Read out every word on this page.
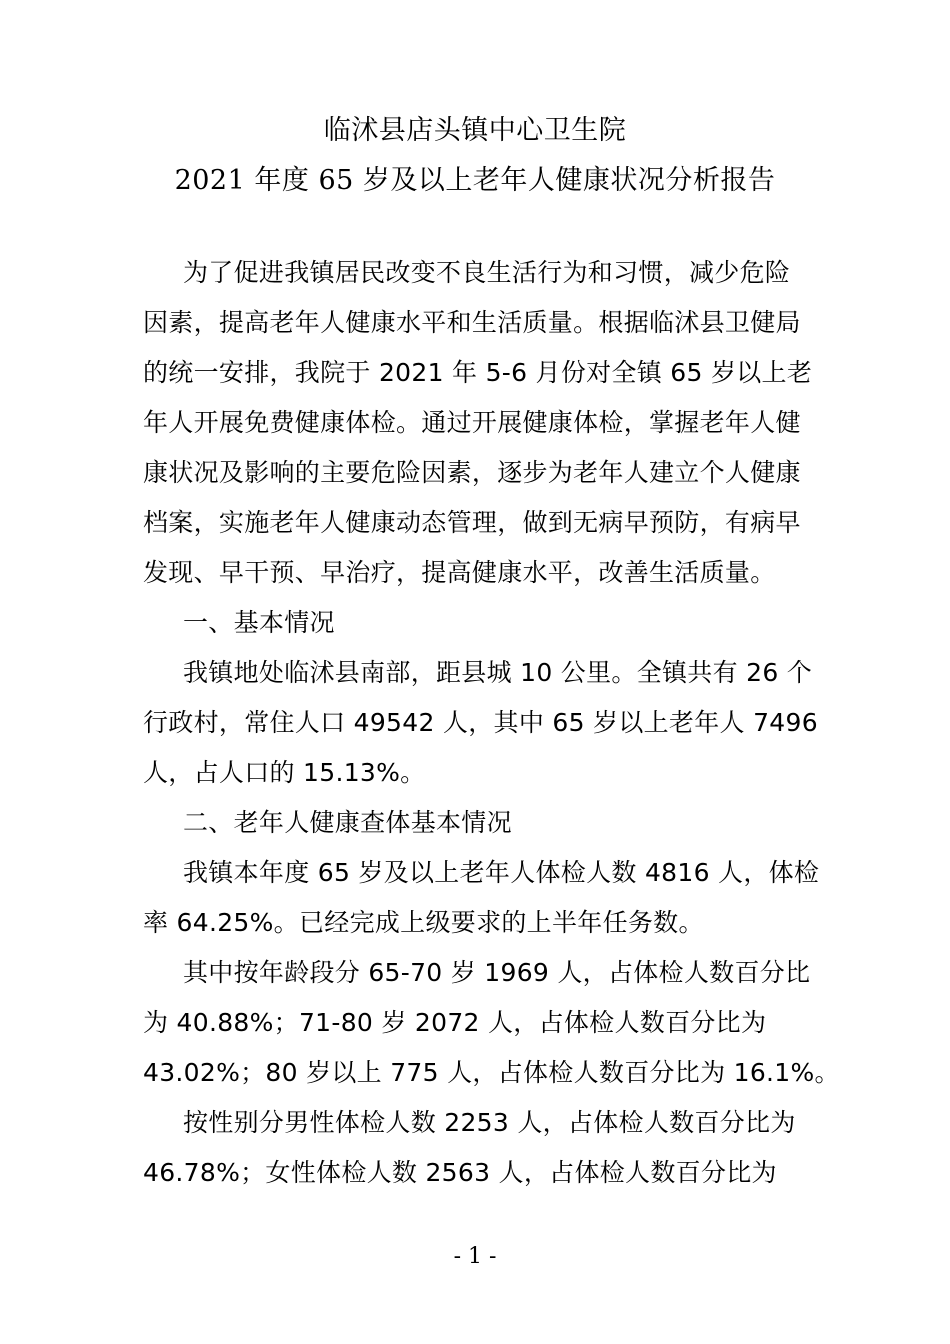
临沭县店头镇中心卫生院
2021 年度 65 岁及以上老年人健康状况分析报告

为了促进我镇居民改变不良生活行为和习惯，减少危险
因素，提高老年人健康水平和生活质量。根据临沭县卫健局
的统一安排，我院于 2021 年 5-6 月份对全镇 65 岁以上老
年人开展免费健康体检。通过开展健康体检，掌握老年人健
康状况及影响的主要危险因素，逐步为老年人建立个人健康
档案，实施老年人健康动态管理，做到无病早预防，有病早
发现、早干预、早治疗，提高健康水平，改善生活质量。

一、基本情况

我镇地处临沭县南部，距县城 10 公里。全镇共有 26 个
行政村，常住人口 49542 人，其中 65 岁以上老年人 7496
人，占人口的 15.13%。

二、老年人健康查体基本情况

我镇本年度 65 岁及以上老年人体检人数 4816 人，体检
率 64.25%。已经完成上级要求的上半年任务数。

其中按年龄段分 65-70 岁 1969 人，占体检人数百分比
为 40.88%；71-80 岁 2072 人，占体检人数百分比为
43.02%；80 岁以上 775 人，占体检人数百分比为 16.1%。

按性别分男性体检人数 2253 人，占体检人数百分比为
46.78%；女性体检人数 2563 人，占体检人数百分比为

- 1 -
